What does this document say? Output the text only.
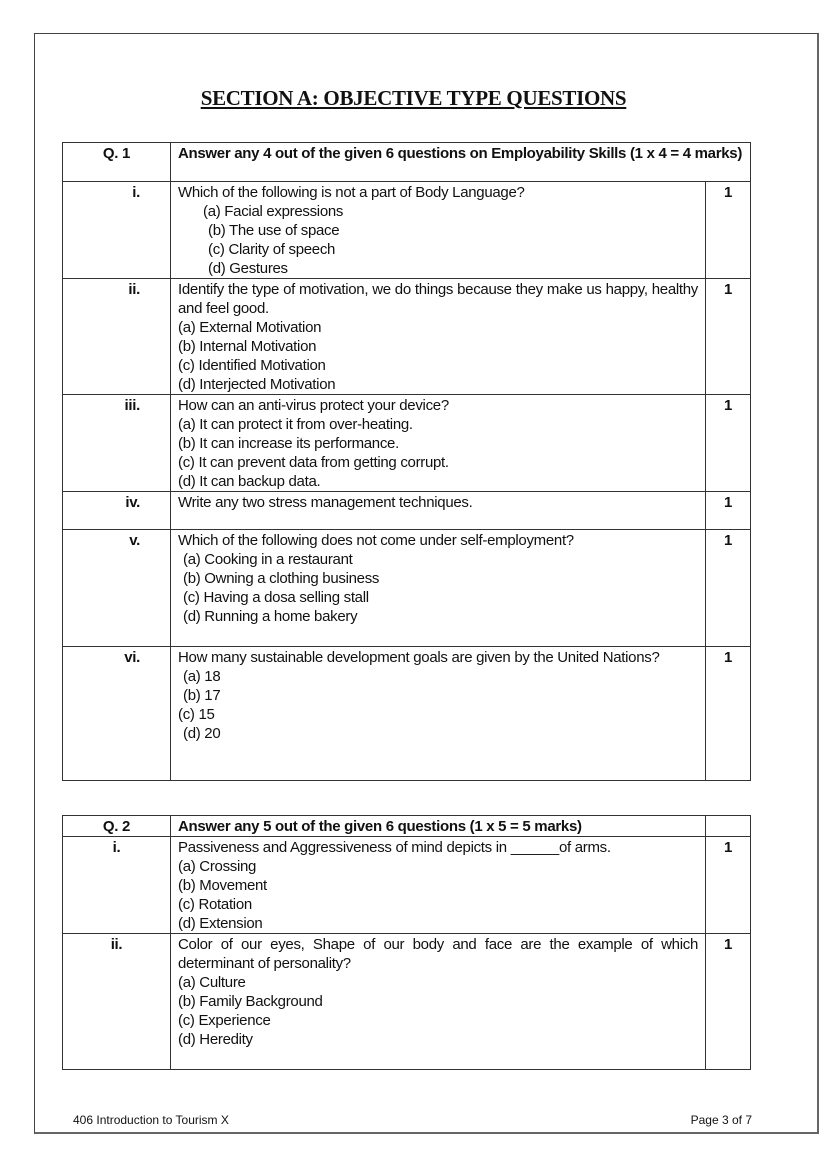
SECTION A: OBJECTIVE TYPE QUESTIONS
Q. 1	Answer any 4 out of the given 6 questions on Employability Skills (1 x 4 = 4 marks)	
i.	Which of the following is not a part of Body Language?
(a) Facial expressions
(b) The use of space
(c) Clarity of speech
(d) Gestures	1
ii.	Identify the type of motivation, we do things because they make us happy, healthy and feel good.
(a) External Motivation
(b) Internal Motivation
(c) Identified Motivation
(d) Interjected Motivation	1
iii.	How can an anti-virus protect your device?
(a) It can protect it from over-heating.
(b) It can increase its performance.
(c) It can prevent data from getting corrupt.
(d) It can backup data.	1
iv.	Write any two stress management techniques.	1
v.	Which of the following does not come under self-employment?
(a) Cooking in a restaurant
(b) Owning a clothing business
(c) Having a dosa selling stall
(d) Running a home bakery	1
vi.	How many sustainable development goals are given by the United Nations?
(a) 18
(b) 17
(c) 15
(d) 20	1
Q. 2	Answer any 5 out of the given 6 questions (1 x 5 = 5 marks)	
i.	Passiveness and Aggressiveness of mind depicts in ______of arms.
(a) Crossing
(b) Movement
(c) Rotation
(d) Extension	1
ii.	Color of our eyes, Shape of our body and face are the example of which determinant of personality?
(a) Culture
(b) Family Background
(c) Experience
(d) Heredity	1
406 Introduction to Tourism X	Page 3 of 7
